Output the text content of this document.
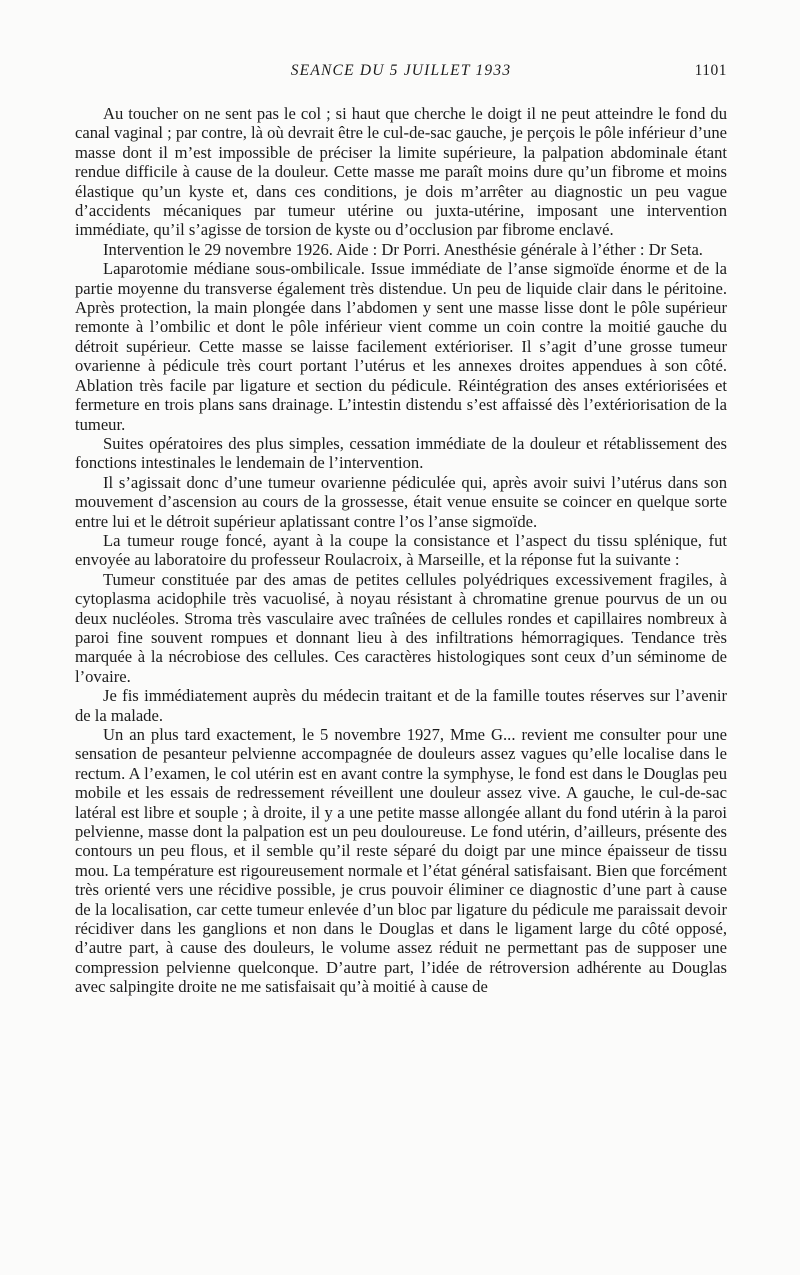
SEANCE DU 5 JUILLET 1933	1101

Au toucher on ne sent pas le col ; si haut que cherche le doigt il ne peut atteindre le fond du canal vaginal ; par contre, là où devrait être le cul-de-sac gauche, je perçois le pôle inférieur d’une masse dont il m’est impossible de préciser la limite supérieure, la palpation abdominale étant rendue difficile à cause de la douleur. Cette masse me paraît moins dure qu’un fibrome et moins élastique qu’un kyste et, dans ces conditions, je dois m’arrêter au diagnostic un peu vague d’accidents mécaniques par tumeur utérine ou juxta-utérine, imposant une intervention immédiate, qu’il s’agisse de torsion de kyste ou d’occlusion par fibrome enclavé.

Intervention le 29 novembre 1926. Aide : Dr Porri. Anesthésie générale à l’éther : Dr Seta.

Laparotomie médiane sous-ombilicale. Issue immédiate de l’anse sigmoïde énorme et de la partie moyenne du transverse également très distendue. Un peu de liquide clair dans le péritoine. Après protection, la main plongée dans l’abdomen y sent une masse lisse dont le pôle supérieur remonte à l’ombilic et dont le pôle inférieur vient comme un coin contre la moitié gauche du détroit supérieur. Cette masse se laisse facilement extérioriser. Il s’agit d’une grosse tumeur ovarienne à pédicule très court portant l’utérus et les annexes droites appendues à son côté. Ablation très facile par ligature et section du pédicule. Réintégration des anses extériorisées et fermeture en trois plans sans drainage. L’intestin distendu s’est affaissé dès l’extériorisation de la tumeur.

Suites opératoires des plus simples, cessation immédiate de la douleur et rétablissement des fonctions intestinales le lendemain de l’intervention.

Il s’agissait donc d’une tumeur ovarienne pédiculée qui, après avoir suivi l’utérus dans son mouvement d’ascension au cours de la grossesse, était venue ensuite se coincer en quelque sorte entre lui et le détroit supérieur aplatissant contre l’os l’anse sigmoïde.

La tumeur rouge foncé, ayant à la coupe la consistance et l’aspect du tissu splénique, fut envoyée au laboratoire du professeur Roulacroix, à Marseille, et la réponse fut la suivante :

Tumeur constituée par des amas de petites cellules polyédriques excessivement fragiles, à cytoplasma acidophile très vacuolisé, à noyau résistant à chromatine grenue pourvus de un ou deux nucléoles. Stroma très vasculaire avec traînées de cellules rondes et capillaires nombreux à paroi fine souvent rompues et donnant lieu à des infiltrations hémorragiques. Tendance très marquée à la nécrobiose des cellules. Ces caractères histologiques sont ceux d’un séminome de l’ovaire.

Je fis immédiatement auprès du médecin traitant et de la famille toutes réserves sur l’avenir de la malade.

Un an plus tard exactement, le 5 novembre 1927, Mme G... revient me consulter pour une sensation de pesanteur pelvienne accompagnée de douleurs assez vagues qu’elle localise dans le rectum. A l’examen, le col utérin est en avant contre la symphyse, le fond est dans le Douglas peu mobile et les essais de redressement réveillent une douleur assez vive. A gauche, le cul-de-sac latéral est libre et souple ; à droite, il y a une petite masse allongée allant du fond utérin à la paroi pelvienne, masse dont la palpation est un peu douloureuse. Le fond utérin, d’ailleurs, présente des contours un peu flous, et il semble qu’il reste séparé du doigt par une mince épaisseur de tissu mou. La température est rigoureusement normale et l’état général satisfaisant. Bien que forcément très orienté vers une récidive possible, je crus pouvoir éliminer ce diagnostic d’une part à cause de la localisation, car cette tumeur enlevée d’un bloc par ligature du pédicule me paraissait devoir récidiver dans les ganglions et non dans le Douglas et dans le ligament large du côté opposé, d’autre part, à cause des douleurs, le volume assez réduit ne permettant pas de supposer une compression pelvienne quelconque. D’autre part, l’idée de rétroversion adhérente au Douglas avec salpingite droite ne me satisfaisait qu’à moitié à cause de
